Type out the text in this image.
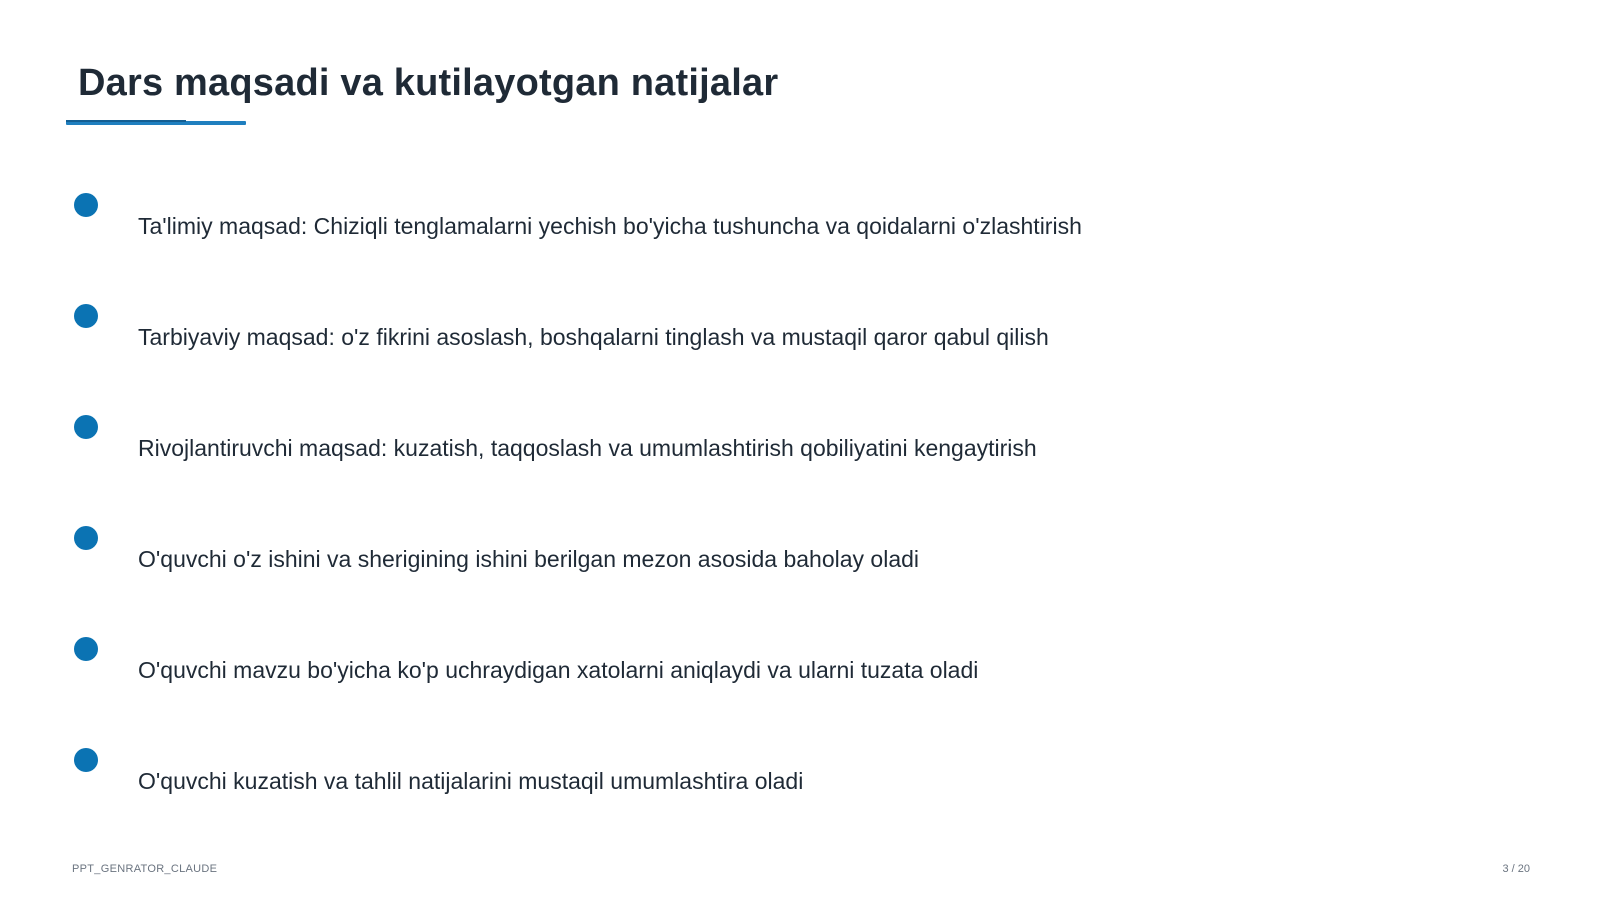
Dars maqsadi va kutilayotgan natijalar
Ta'limiy maqsad: Chiziqli tenglamalarni yechish bo'yicha tushuncha va qoidalarni o'zlashtirish
Tarbiyaviy maqsad: o'z fikrini asoslash, boshqalarni tinglash va mustaqil qaror qabul qilish
Rivojlantiruvchi maqsad: kuzatish, taqqoslash va umumlashtirish qobiliyatini kengaytirish
O'quvchi o'z ishini va sherigining ishini berilgan mezon asosida baholay oladi
O'quvchi mavzu bo'yicha ko'p uchraydigan xatolarni aniqlaydi va ularni tuzata oladi
O'quvchi kuzatish va tahlil natijalarini mustaqil umumlashtira oladi
PPT_GENRATOR_CLAUDE	3 / 20
